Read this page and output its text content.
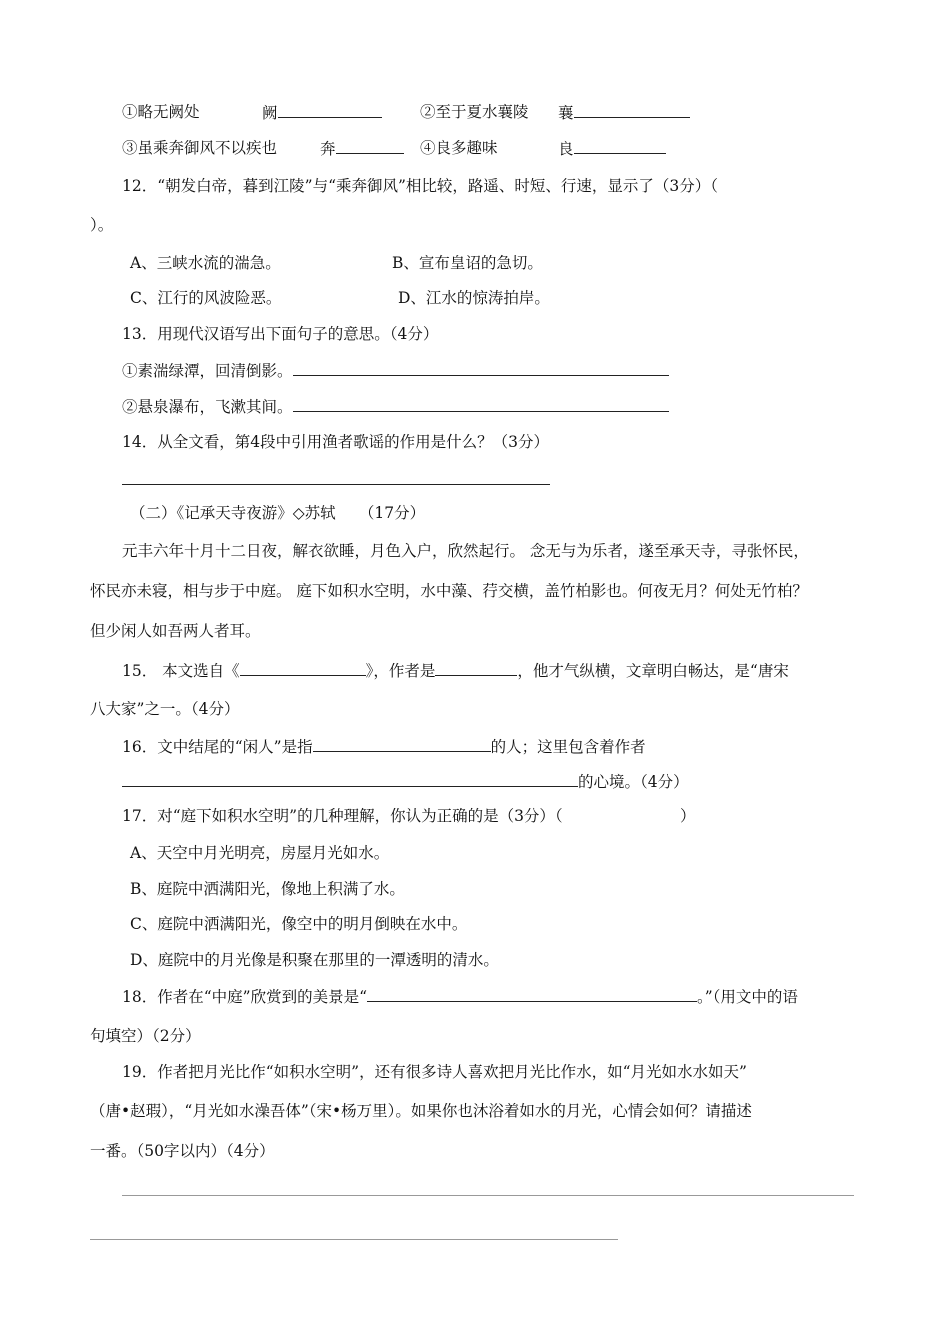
①略无阙处	阙	②至于夏水襄陵 襄
③虽乘奔御风不以疾也	奔	④良多趣味	良
12．“朝发白帝，暮到江陵”与“乘奔御风”相比较，路遥、时短、行速，显示了（3分）（
）。
A、三峡水流的湍急。	B、宣布皇诏的急切。
C、江行的风波险恶。	D、江水的惊涛拍岸。
13．用现代汉语写出下面句子的意思。（4分）
①素湍绿潭，回清倒影。
②悬泉瀑布，飞漱其间。
14．从全文看，第4段中引用渔者歌谣的作用是什么？（3分）
（二）《记承天寺夜游》◇苏轼　　（17分）
元丰六年十月十二日夜，解衣欲睡，月色入户，欣然起行。 念无与为乐者，遂至承天寺，寻张怀民，
怀民亦未寝，相与步于中庭。 庭下如积水空明，水中藻、荇交横，盖竹柏影也。何夜无月？何处无竹柏？
但少闲人如吾两人者耳。
15． 本文选自《	》，作者是	，他才气纵横，文章明白畅达，是“唐宋
八大家”之一。（4分）
16．文中结尾的“闲人”是指	的人；这里包含着作者
的心境。（4分）
17．对“庭下如积水空明”的几种理解，你认为正确的是（3分）（	）
A、天空中月光明亮，房屋月光如水。
B、庭院中洒满阳光，像地上积满了水。
C、庭院中洒满阳光，像空中的明月倒映在水中。
D、庭院中的月光像是积聚在那里的一潭透明的清水。
18．作者在“中庭”欣赏到的美景是“	。”（用文中的语
句填空）（2分）
19．作者把月光比作“如积水空明”，还有很多诗人喜欢把月光比作水，如“月光如水水如天”
（唐•赵瑕），“月光如水澡吾体”（宋•杨万里）。如果你也沐浴着如水的月光，心情会如何？请描述
一番。（50字以内）（4分）
